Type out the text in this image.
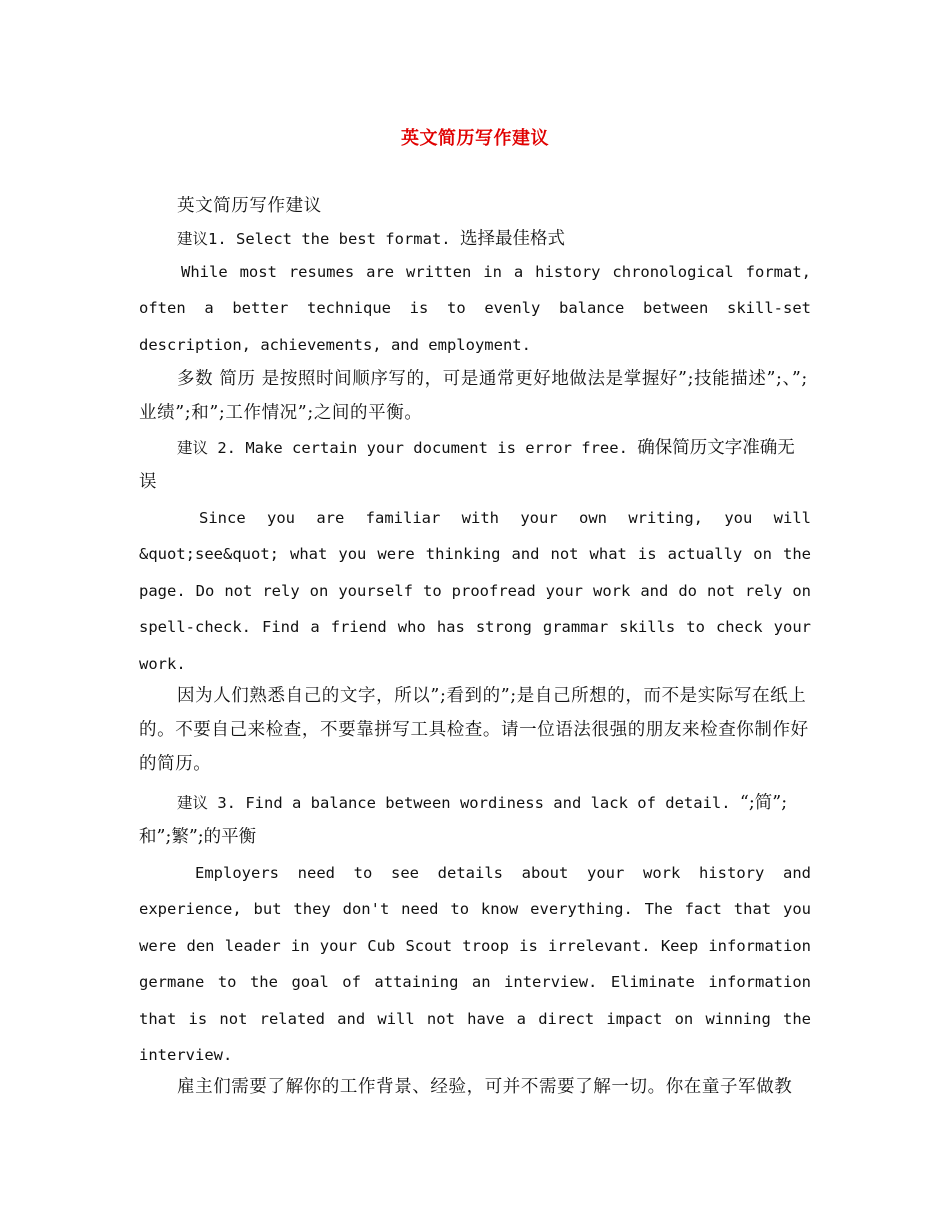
英文简历写作建议

英文简历写作建议

建议1. Select the best format. 选择最佳格式

While most resumes are written in a history chronological format, often a better technique is to evenly balance between skill-set description, achievements, and employment.

多数 简历 是按照时间顺序写的，可是通常更好地做法是掌握好”;技能描述”;、”;业绩”;和”;工作情况”;之间的平衡。

建议 2. Make certain your document is error free. 确保简历文字准确无误

Since you are familiar with your own writing, you will &quot;see&quot; what you were thinking and not what is actually on the page. Do not rely on yourself to proofread your work and do not rely on spell-check. Find a friend who has strong grammar skills to check your work.

因为人们熟悉自己的文字，所以”;看到的”;是自己所想的，而不是实际写在纸上的。不要自己来检查，不要靠拼写工具检查。请一位语法很强的朋友来检查你制作好的简历。

建议 3. Find a balance between wordiness and lack of detail. “;简”;和”;繁”;的平衡

Employers need to see details about your work history and experience, but they don't need to know everything. The fact that you were den leader in your Cub Scout troop is irrelevant. Keep information germane to the goal of attaining an interview. Eliminate information that is not related and will not have a direct impact on winning the interview.

雇主们需要了解你的工作背景、经验，可并不需要了解一切。你在童子军做教
